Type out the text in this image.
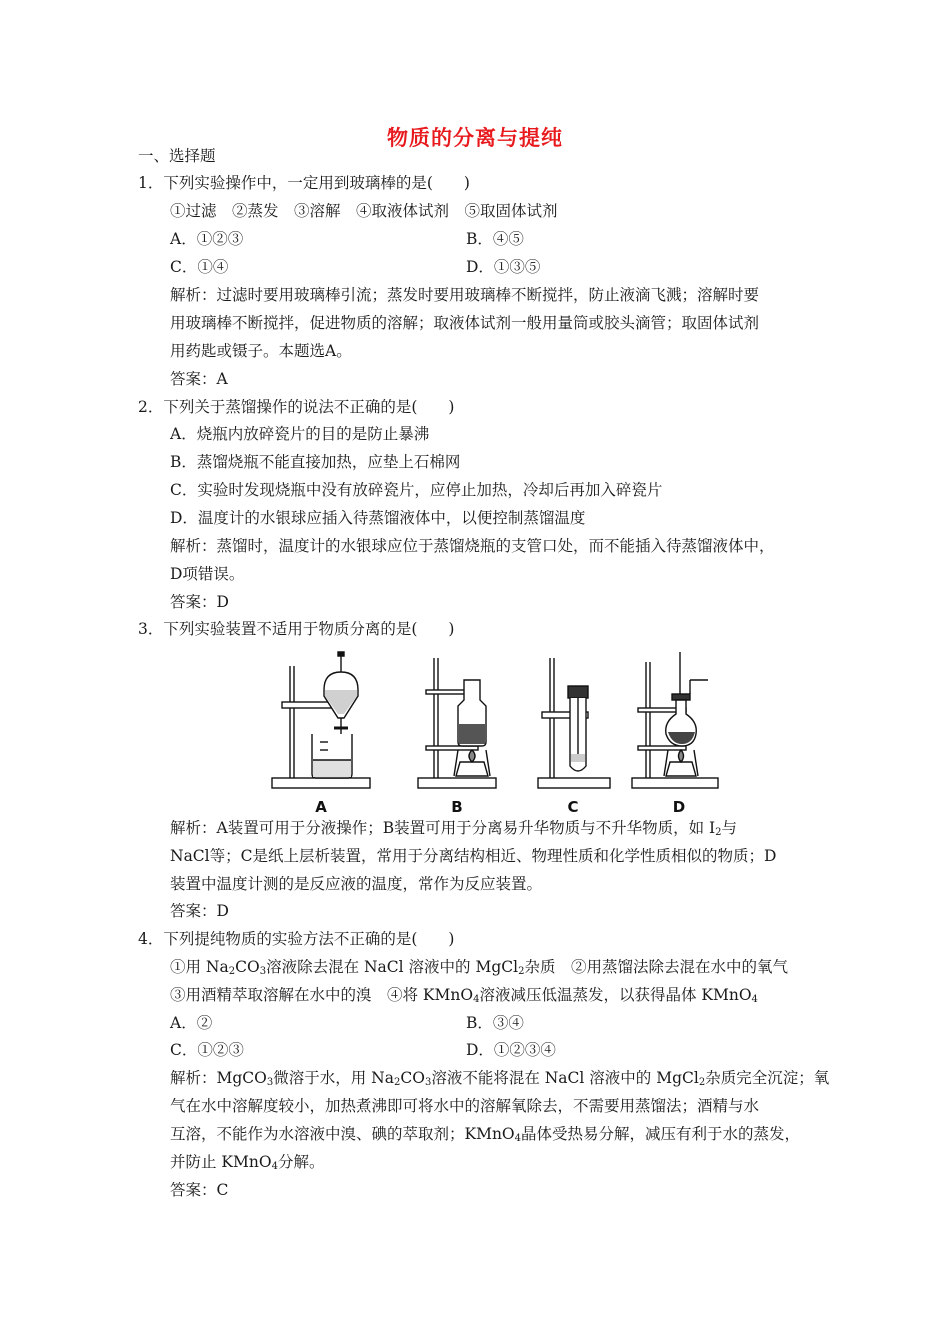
物质的分离与提纯
一、选择题
1．下列实验操作中，一定用到玻璃棒的是(　　)
①过滤　②蒸发　③溶解　④取液体试剂　⑤取固体试剂
A．①②③	B．④⑤
C．①④	D．①③⑤
解析：过滤时要用玻璃棒引流；蒸发时要用玻璃棒不断搅拌，防止液滴飞溅；溶解时要
用玻璃棒不断搅拌，促进物质的溶解；取液体试剂一般用量筒或胶头滴管；取固体试剂
用药匙或镊子。本题选A。
答案：A
2．下列关于蒸馏操作的说法不正确的是(　　)
A．烧瓶内放碎瓷片的目的是防止暴沸
B．蒸馏烧瓶不能直接加热，应垫上石棉网
C．实验时发现烧瓶中没有放碎瓷片，应停止加热，冷却后再加入碎瓷片
D．温度计的水银球应插入待蒸馏液体中，以便控制蒸馏温度
解析：蒸馏时，温度计的水银球应位于蒸馏烧瓶的支管口处，而不能插入待蒸馏液体中，
D项错误。
答案：D
3．下列实验装置不适用于物质分离的是(　　)
A	B	C	D
解析：A装置可用于分液操作；B装置可用于分离易升华物质与不升华物质，如 $I_2$与
NaCl等；C是纸上层析装置，常用于分离结构相近、物理性质和化学性质相似的物质；D
装置中温度计测的是反应液的温度，常作为反应装置。
答案：D
4．下列提纯物质的实验方法不正确的是(　　)
①用 $Na_2CO_3$溶液除去混在 NaCl 溶液中的 MgCl$_2$杂质　②用蒸馏法除去混在水中的氧气
③用酒精萃取溶解在水中的溴　④将 KMnO$_4$溶液减压低温蒸发，以获得晶体 KMnO$_4$
A．②	B．③④
C．①②③	D．①②③④
解析：MgCO$_3$微溶于水，用 $Na_2CO_3$溶液不能将混在 NaCl 溶液中的 MgCl$_2$杂质完全沉淀；氧
气在水中溶解度较小，加热煮沸即可将水中的溶解氧除去，不需要用蒸馏法；酒精与水
互溶，不能作为水溶液中溴、碘的萃取剂；KMnO$_4$晶体受热易分解，减压有利于水的蒸发，
并防止 KMnO$_4$分解。
答案：C
